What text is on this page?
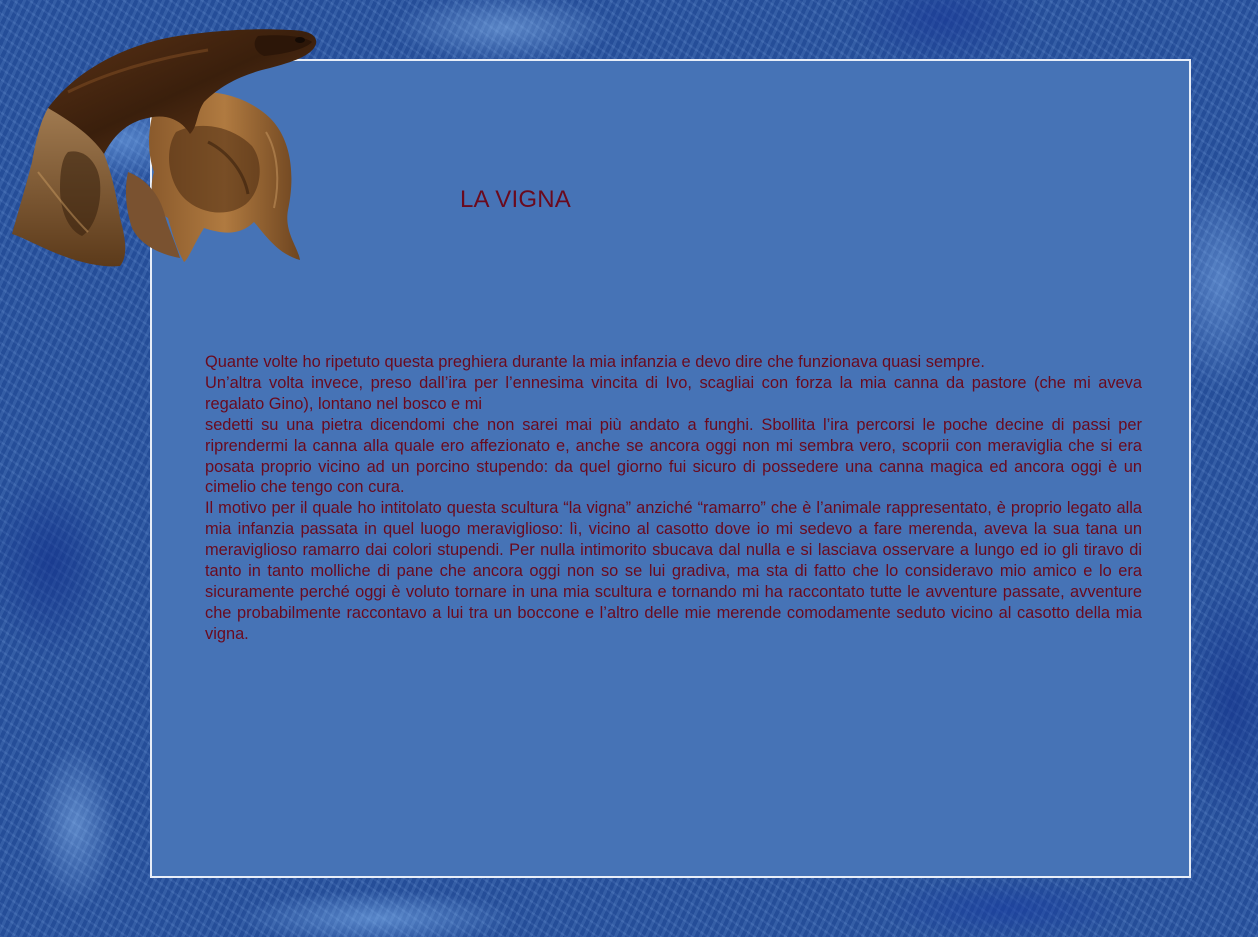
LA VIGNA

Quante volte ho ripetuto questa preghiera durante la mia infanzia e devo dire che funzionava quasi sempre.

Un’altra volta invece, preso dall’ira per l’ennesima vincita di Ivo, scagliai con forza la mia canna da pastore (che mi aveva regalato Gino), lontano nel bosco e mi

sedetti su una pietra dicendomi che non sarei mai più andato a funghi. Sbollita l’ira percorsi le poche decine di passi per riprendermi la canna alla quale ero affezionato e, anche se ancora oggi non mi sembra vero, scoprii con meraviglia che si era posata proprio vicino ad un porcino stupendo: da quel giorno fui sicuro di possedere una canna magica ed ancora oggi è un cimelio che tengo con cura.

Il motivo per il quale ho intitolato questa scultura “la vigna” anziché “ramarro” che è l’animale rappresentato, è proprio legato alla mia infanzia passata in quel luogo meraviglioso: lì, vicino al casotto dove io mi sedevo a fare merenda, aveva la sua tana un meraviglioso ramarro dai colori stupendi. Per nulla intimorito sbucava dal nulla e si lasciava osservare a lungo ed io gli tiravo di tanto in tanto molliche di pane che ancora oggi non so se lui gradiva, ma sta di fatto che lo consideravo mio amico e lo era sicuramente perché oggi è voluto tornare in una mia scultura e tornando mi ha raccontato tutte le avventure passate, avventure che probabilmente raccontavo a lui tra un boccone e l’altro delle mie merende comodamente seduto vicino al casotto della mia vigna.
